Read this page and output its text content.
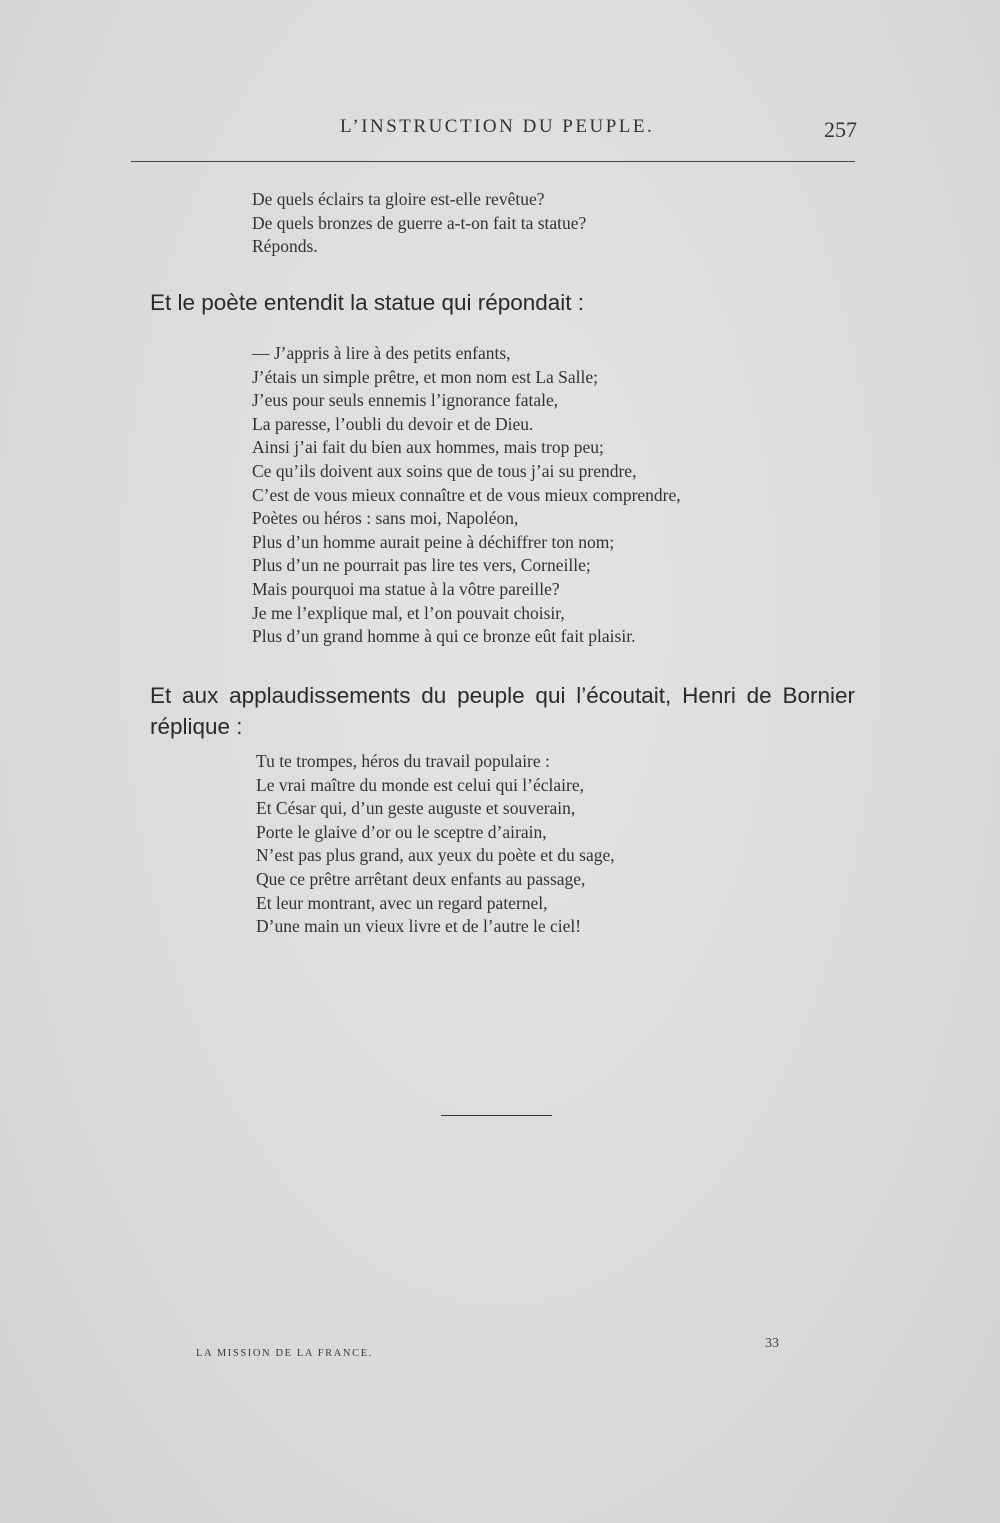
L’INSTRUCTION DU PEUPLE.	257
De quels éclairs ta gloire est-elle revêtue?
De quels bronzes de guerre a-t-on fait ta statue?
Réponds.

Et le poète entendit la statue qui répondait :

— J’appris à lire à des petits enfants,
J’étais un simple prêtre, et mon nom est La Salle;
J’eus pour seuls ennemis l’ignorance fatale,
La paresse, l’oubli du devoir et de Dieu.
Ainsi j’ai fait du bien aux hommes, mais trop peu;
Ce qu’ils doivent aux soins que de tous j’ai su prendre,
C’est de vous mieux connaître et de vous mieux comprendre,
Poètes ou héros : sans moi, Napoléon,
Plus d’un homme aurait peine à déchiffrer ton nom;
Plus d’un ne pourrait pas lire tes vers, Corneille;
Mais pourquoi ma statue à la vôtre pareille?
Je me l’explique mal, et l’on pouvait choisir,
Plus d’un grand homme à qui ce bronze eût fait plaisir.

Et aux applaudissements du peuple qui l’écoutait, Henri de Bornier réplique :

Tu te trompes, héros du travail populaire :
Le vrai maître du monde est celui qui l’éclaire,
Et César qui, d’un geste auguste et souverain,
Porte le glaive d’or ou le sceptre d’airain,
N’est pas plus grand, aux yeux du poète et du sage,
Que ce prêtre arrêtant deux enfants au passage,
Et leur montrant, avec un regard paternel,
D’une main un vieux livre et de l’autre le ciel!
LA MISSION DE LA FRANCE.
33
